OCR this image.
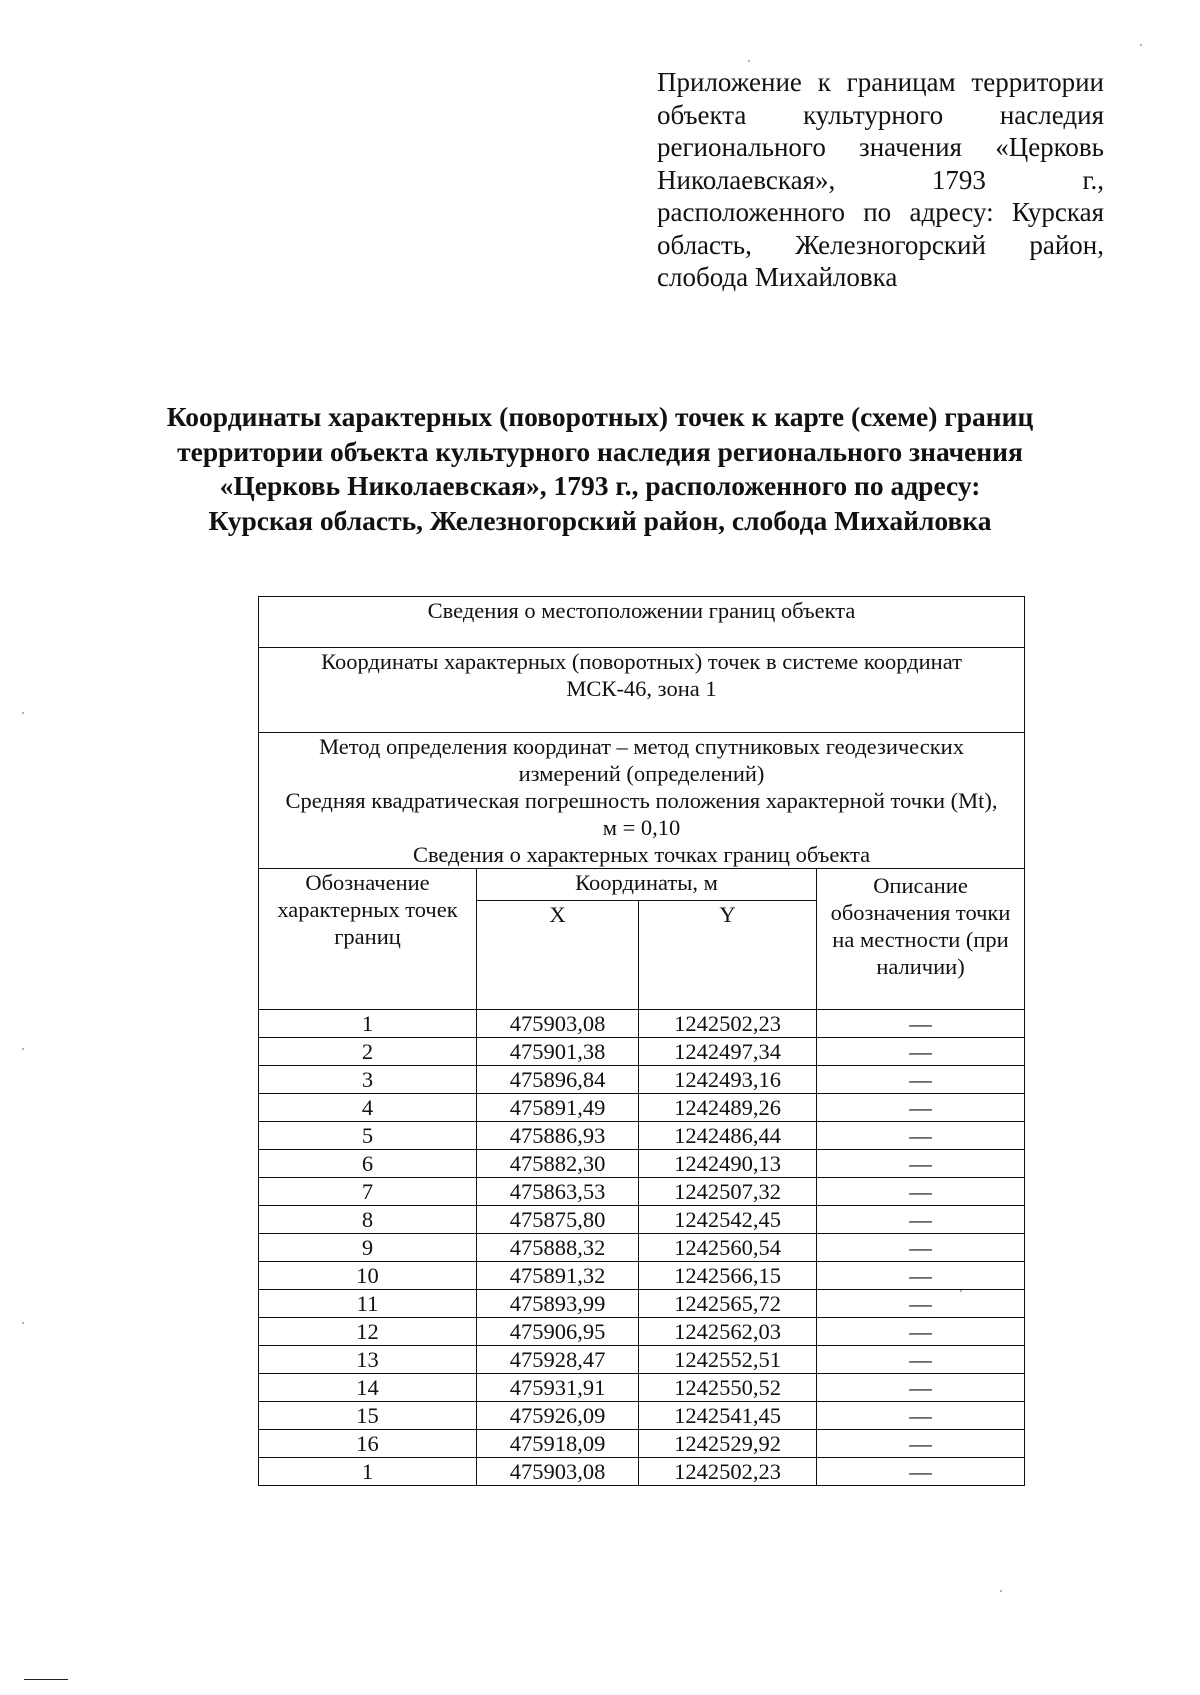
Приложение к границам территории объекта культурного наследия регионального значения «Церковь Николаевская», 1793 г., расположенного по адресу: Курская область, Железногорский район, слобода Михайловка
Координаты характерных (поворотных) точек к карте (схеме) границ
территории объекта культурного наследия регионального значения
«Церковь Николаевская», 1793 г., расположенного по адресу:
Курская область, Железногорский район, слобода Михайловка
Сведения о местоположении границ объекта			
Координаты характерных (поворотных) точек в системе координат МСК-46, зона 1			

Метод определения координат – метод спутниковых геодезических измерений (определений)
Средняя квадратическая погрешность положения характерной точки (Mt), м = 0,10
Сведения о характерных точках границ объекта			

Обозначение характерных точек границ	Координаты, м		Описание обозначения точки на местности (при наличии)
	X	Y	
1	475903,08	1242502,23	—
2	475901,38	1242497,34	—
3	475896,84	1242493,16	—
4	475891,49	1242489,26	—
5	475886,93	1242486,44	—
6	475882,30	1242490,13	—
7	475863,53	1242507,32	—
8	475875,80	1242542,45	—
9	475888,32	1242560,54	—
10	475891,32	1242566,15	—
11	475893,99	1242565,72	—
12	475906,95	1242562,03	—
13	475928,47	1242552,51	—
14	475931,91	1242550,52	—
15	475926,09	1242541,45	—
16	475918,09	1242529,92	—
1	475903,08	1242502,23	—
